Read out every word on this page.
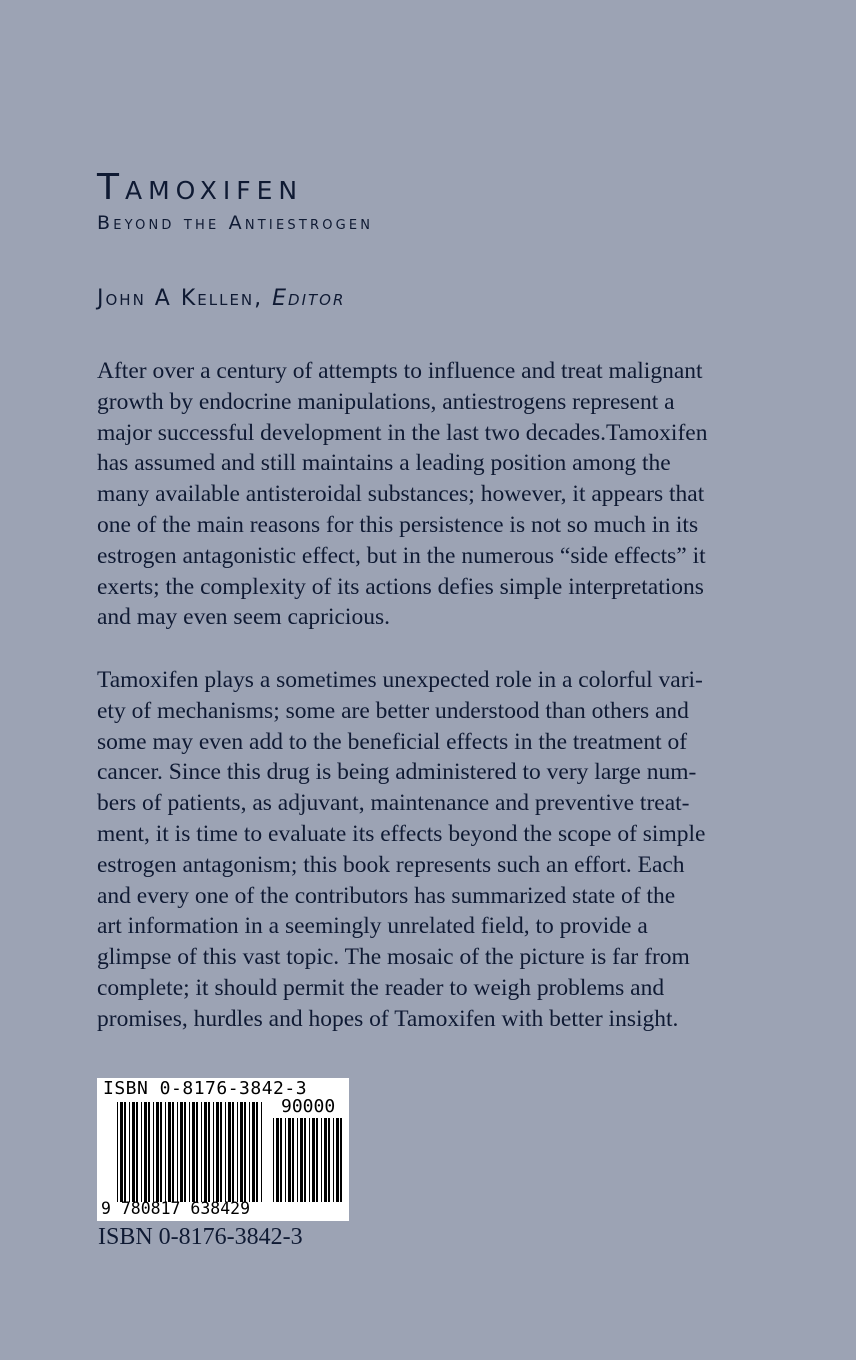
Tamoxifen
Beyond the Antiestrogen
John A Kellen, Editor

After over a century of attempts to influence and treat malignant
growth by endocrine manipulations, antiestrogens represent a
major successful development in the last two decades.Tamoxifen
has assumed and still maintains a leading position among the
many available antisteroidal substances; however, it appears that
one of the main reasons for this persistence is not so much in its
estrogen antagonistic effect, but in the numerous “side effects” it
exerts; the complexity of its actions defies simple interpretations
and may even seem capricious.

Tamoxifen plays a sometimes unexpected role in a colorful vari-
ety of mechanisms; some are better understood than others and
some may even add to the beneficial effects in the treatment of
cancer. Since this drug is being administered to very large num-
bers of patients, as adjuvant, maintenance and preventive treat-
ment, it is time to evaluate its effects beyond the scope of simple
estrogen antagonism; this book represents such an effort. Each
and every one of the contributors has summarized state of the
art information in a seemingly unrelated field, to provide a
glimpse of this vast topic. The mosaic of the picture is far from
complete; it should permit the reader to weigh problems and
promises, hurdles and hopes of Tamoxifen with better insight.

ISBN 0-8176-3842-3
90000
9 780817 638429
ISBN 0-8176-3842-3
